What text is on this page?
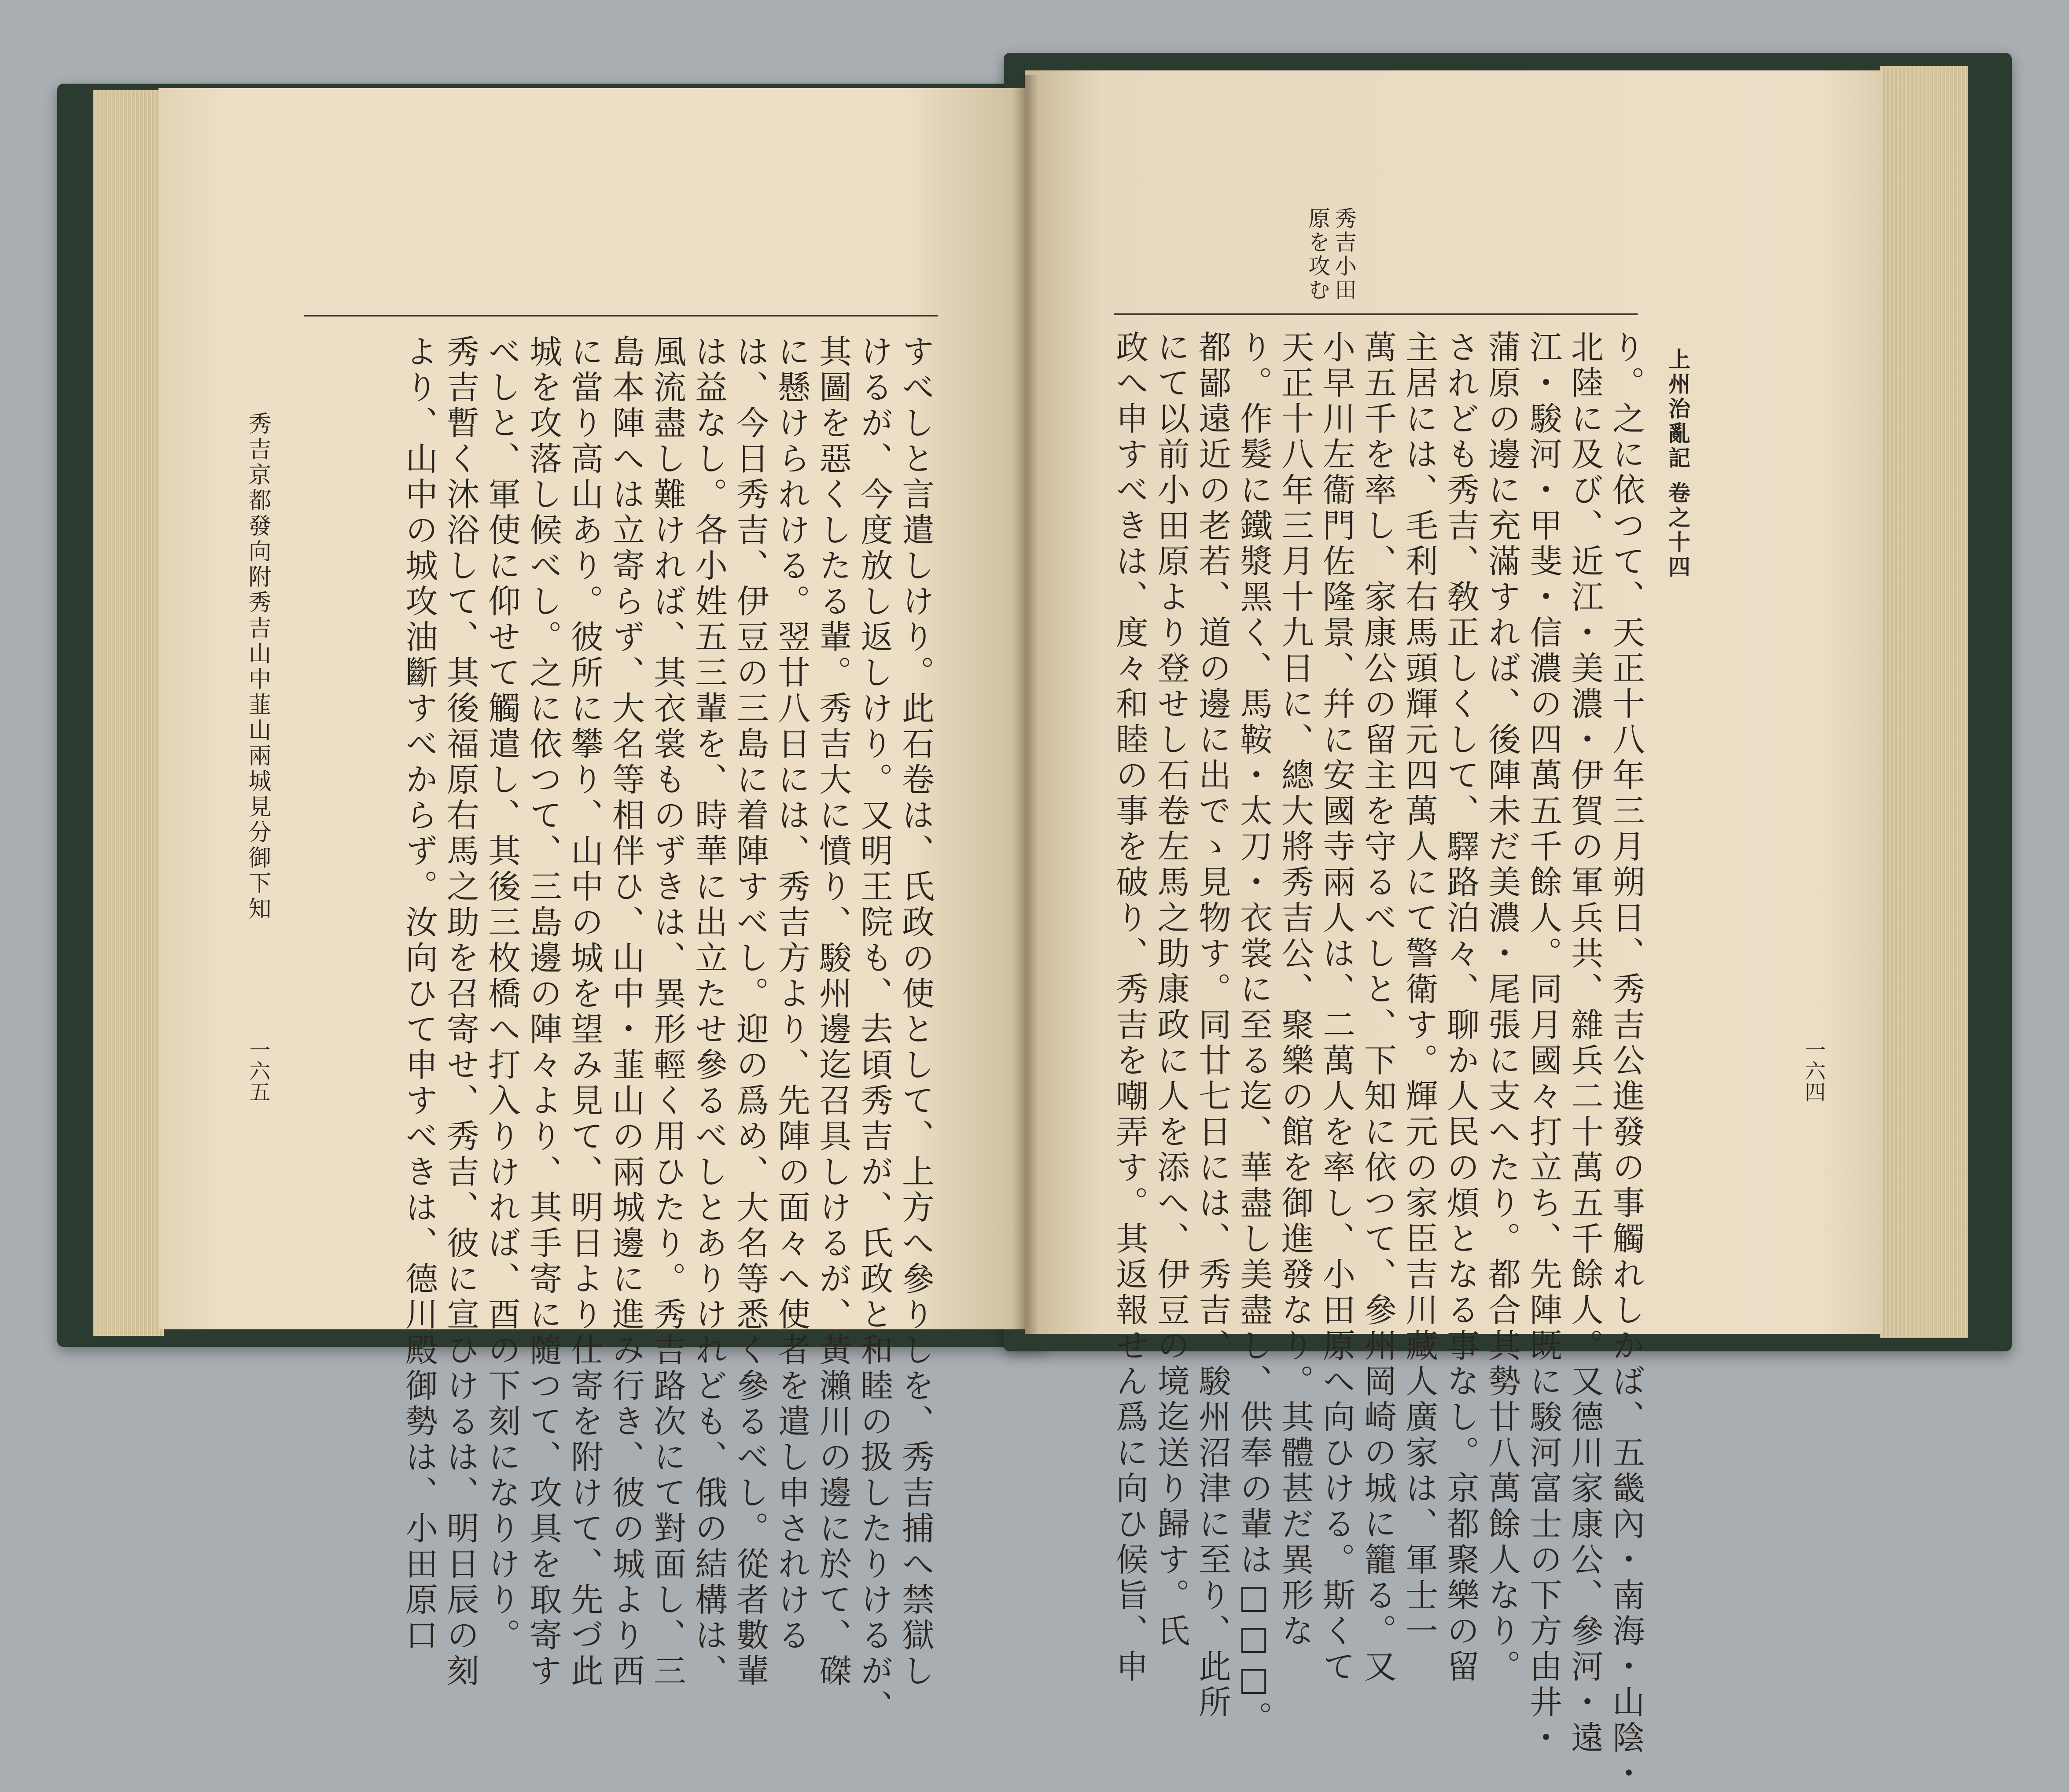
上州治亂記 卷之十四
一六四
秀吉小田
原を攻む
秀吉京都發向附秀吉山中韮山兩城見分御下知
一六五	り。之に依つて、天正十八年三月朔日、秀吉公進發の事觸れしかば、五畿內・南海・山陰・
北陸に及び、近江・美濃・伊賀の軍兵共、雜兵二十萬五千餘人。又德川家康公、參河・遠
江・駿河・甲斐・信濃の四萬五千餘人。同月國々打立ち、先陣既に駿河富士の下方由井・
蒲原の邊に充滿すれば、後陣未だ美濃・尾張に支へたり。都合其勢廿八萬餘人なり。
されども秀吉、敎正しくして、驛路泊々、聊か人民の煩となる事なし。京都聚樂の留
主居には、毛利右馬頭輝元四萬人にて警衛す。輝元の家臣吉川藏人廣家は、軍士一
萬五千を率し、家康公の留主を守るべしと、下知に依つて、參州岡崎の城に籠る。又
小早川左衞門佐隆景、幷に安國寺兩人は、二萬人を率し、小田原へ向ひける。斯くて
天正十八年三月十九日に、總大將秀吉公、聚樂の館を御進發なり。其體甚だ異形な
り。作髮に鐵漿黑く、馬鞍・太刀・衣裳に至る迄、華盡し美盡し、供奉の輩は□□□。
都鄙遠近の老若、道の邊に出でゝ見物す。同廿七日には、秀吉、駿州沼津に至り、此所
にて以前小田原より登せし石卷左馬之助康政に人を添へ、伊豆の境迄送り歸す。氏
政へ申すべきは、度々和睦の事を破り、秀吉を嘲弄す。其返報せん爲に向ひ候旨、申
すべしと言遣しけり。此石卷は、氏政の使として、上方へ參りしを、秀吉捕へ禁獄し
けるが、今度放し返しけり。又明王院も、去頃秀吉が、氏政と和睦の扱したりけるが、
其圖を惡くしたる輩。秀吉大に憤り、駿州邊迄召具しけるが、黃瀨川の邊に於て、磔
に懸けられける。翌廿八日には、秀吉方より、先陣の面々へ使者を遣し申されける
は、今日秀吉、伊豆の三島に着陣すべし。迎の爲め、大名等悉く參るべし。從者數輩
は益なし。各小姓五三輩を、時華に出立たせ參るべしとありけれども、俄の結構は、
風流盡し難ければ、其衣裳ものずきは、異形輕く用ひたり。秀吉路次にて對面し、三
島本陣へは立寄らず、大名等相伴ひ、山中・韮山の兩城邊に進み行き、彼の城より西
に當り高山あり。彼所に攀り、山中の城を望み見て、明日より仕寄を附けて、先づ此
城を攻落し候べし。之に依つて、三島邊の陣々より、其手寄に隨つて、攻具を取寄す
べしと、軍使に仰せて觸遣し、其後三枚橋へ打入りければ、酉の下刻になりけり。
秀吉暫く沐浴して、其後福原右馬之助を召寄せ、秀吉、彼に宣ひけるは、明日辰の刻
より、山中の城攻油斷すべからず。汝向ひて申すべきは、德川殿御勢は、小田原口
